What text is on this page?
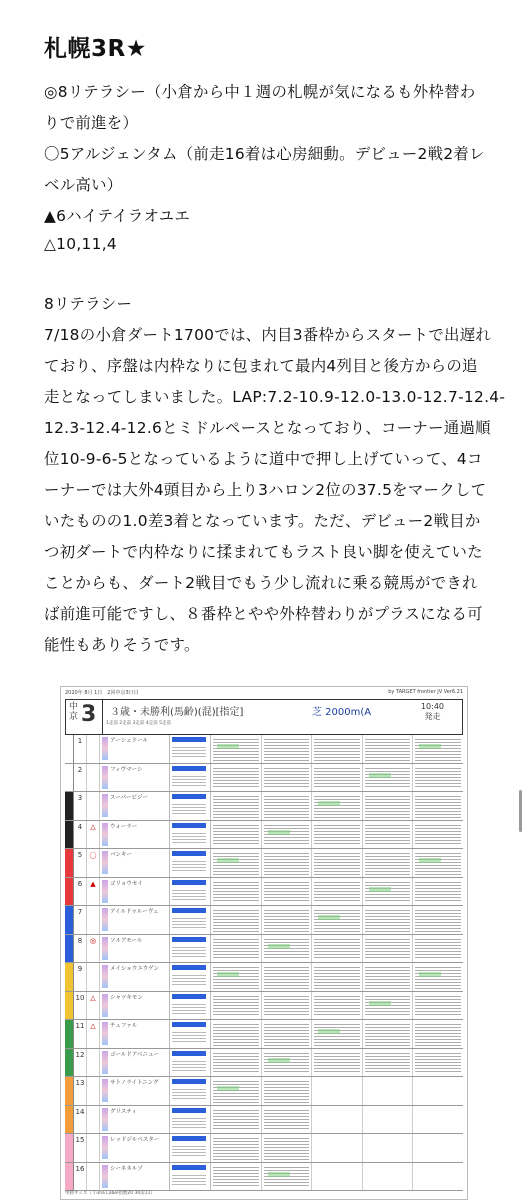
札幌3R★
◎8リテラシー（小倉から中１週の札幌が気になるも外枠替わ
りで前進を）
〇5アルジェンタム（前走16着は心房細動。デビュー2戦2着レ
ベル高い）
▲6ハイテイラオユエ
△10,11,4
8リテラシー
7/18の小倉ダート1700では、内目3番枠からスタートで出遅れ
ており、序盤は内枠なりに包まれて最内4列目と後方からの追
走となってしまいました。LAP:7.2-10.9-12.0-13.0-12.7-12.4-
12.3-12.4-12.6とミドルペースとなっており、コーナー通過順
位10-9-6-5となっているように道中で押し上げていって、4コ
ーナーでは大外4頭目から上り3ハロン2位の37.5をマークして
いたものの1.0差3着となっています。ただ、デビュー2戦目か
つ初ダートで内枠なりに揉まれてもラスト良い脚を使えていた
ことからも、ダート2戦目でもう少し流れに乗る競馬ができれ
ば前進可能ですし、８番枠とやや外枠替わりがプラスになる可
能性もありそうです。
2020年 8月 1日　2回中京3日目	by TARGET frontier JV Ver6.21
中京 3 ３歳・未勝利(馬齢)(混)[指定]	芝 2000m(A
10:40
発走
1走前 2走前 3走前 4走前 5走前
1	アーシェドール
2	フィヴマーシ
3	スーパービジー
4	△	ウォーラー
5	〇	バンキー
6	▲	ゴリョウセイ
7	アイルドゥルーヴェ
8	◎	ソルアモール
9	メイショウユウゲン
10 △	シャツキモン
11 △	チェファル
12	ゴールドアベニュー
13	サトノライトニング
14	グリスティ
15	レッドジルベスター
16	シーネネルゾ
単勝オッズ（Ｔima Label指数20 30前11）
